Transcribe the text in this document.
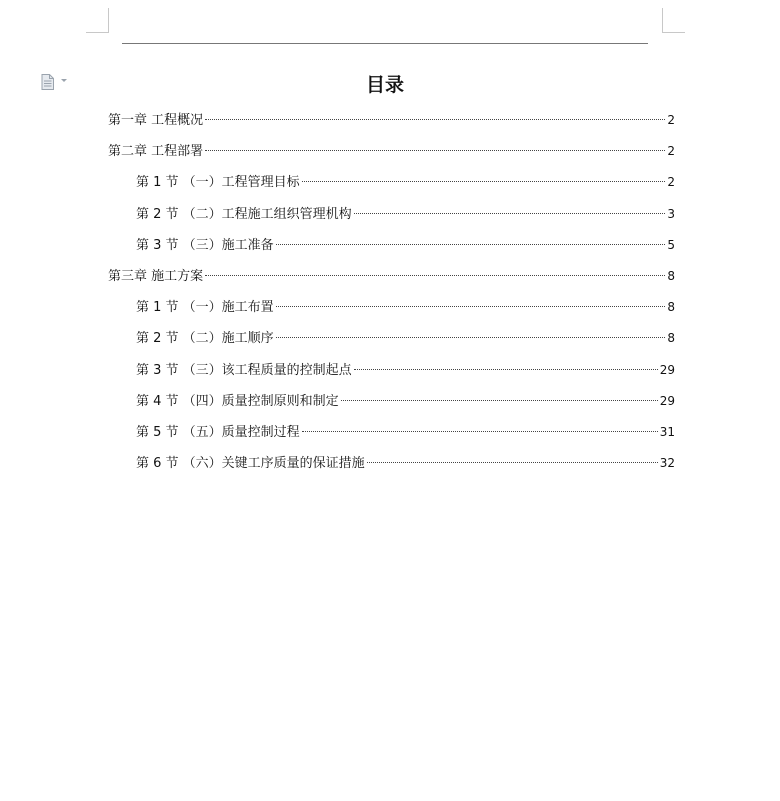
目录
第一章 工程概况	2
第二章 工程部署	2
第 1 节 （一）工程管理目标	2
第 2 节 （二）工程施工组织管理机构	3
第 3 节 （三）施工准备	5
第三章 施工方案	8
第 1 节 （一）施工布置	8
第 2 节 （二）施工顺序	8
第 3 节 （三）该工程质量的控制起点	29
第 4 节 （四）质量控制原则和制定	29
第 5 节 （五）质量控制过程	31
第 6 节 （六）关键工序质量的保证措施	32
